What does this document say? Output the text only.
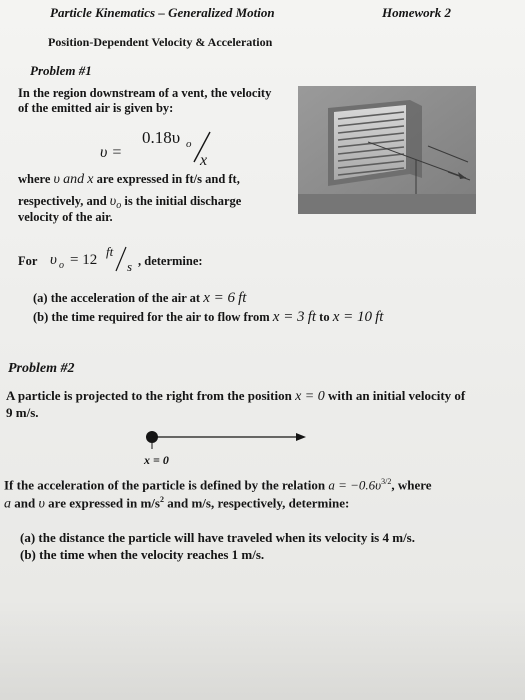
Particle Kinematics – Generalized Motion	Homework 2
Position-Dependent Velocity & Acceleration
Problem #1
In the region downstream of a vent, the velocity
of the emitted air is given by:
υ =
0.18υ o
x
where υ and x are expressed in ft/s and ft,
respectively, and $\upsilon_o$ is the initial discharge
velocity of the air.
For υ o = 12
ft
s , determine:
(a) the acceleration of the air at x = 6 ft
(b) the time required for the air to flow from x = 3 ft to x = 10 ft
Problem #2
A particle is projected to the right from the position x = 0 with an initial velocity of
9 m/s.
x = 0
If the acceleration of the particle is defined by the relation $a = -0.6\upsilon^{3/2}$, where
a and υ are expressed in $m/s^2$ and m/s, respectively, determine:
(a) the distance the particle will have traveled when its velocity is 4 m/s.
(b) the time when the velocity reaches 1 m/s.
